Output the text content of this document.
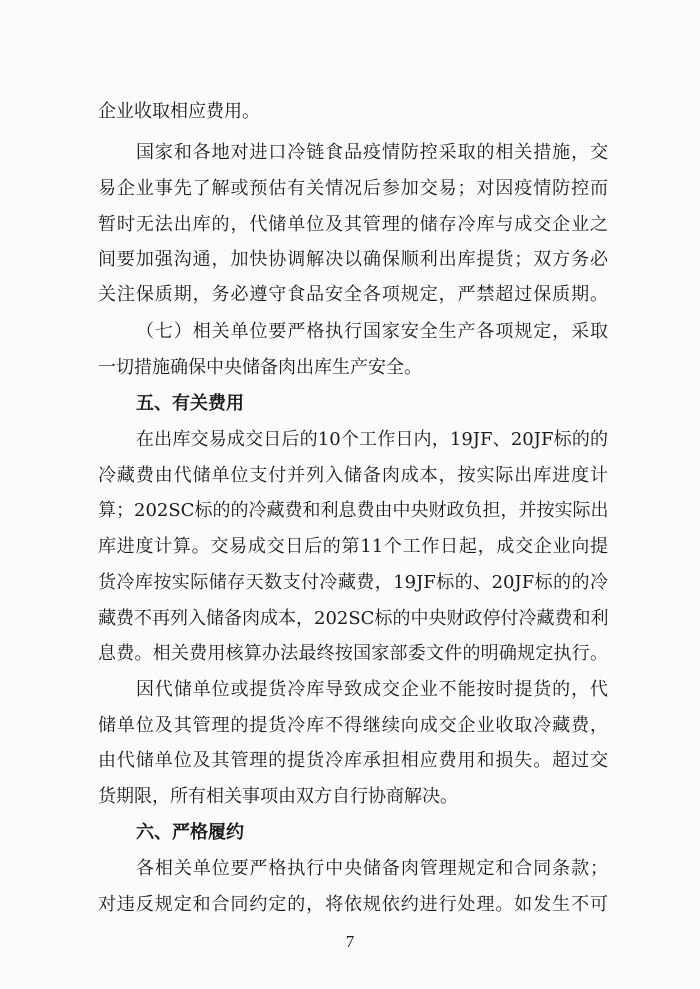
企业收取相应费用。
国家和各地对进口冷链食品疫情防控采取的相关措施，交
易企业事先了解或预估有关情况后参加交易；对因疫情防控而
暂时无法出库的，代储单位及其管理的储存冷库与成交企业之
间要加强沟通，加快协调解决以确保顺利出库提货；双方务必
关注保质期，务必遵守食品安全各项规定，严禁超过保质期。
（七）相关单位要严格执行国家安全生产各项规定，采取
一切措施确保中央储备肉出库生产安全。
五、有关费用
在出库交易成交日后的10个工作日内，19JF、20JF标的的
冷藏费由代储单位支付并列入储备肉成本，按实际出库进度计
算；202SC标的的冷藏费和利息费由中央财政负担，并按实际出
库进度计算。交易成交日后的第11个工作日起，成交企业向提
货冷库按实际储存天数支付冷藏费，19JF标的、20JF标的的冷
藏费不再列入储备肉成本，202SC标的中央财政停付冷藏费和利
息费。相关费用核算办法最终按国家部委文件的明确规定执行。
因代储单位或提货冷库导致成交企业不能按时提货的，代
储单位及其管理的提货冷库不得继续向成交企业收取冷藏费，
由代储单位及其管理的提货冷库承担相应费用和损失。超过交
货期限，所有相关事项由双方自行协商解决。
六、严格履约
各相关单位要严格执行中央储备肉管理规定和合同条款；
对违反规定和合同约定的，将依规依约进行处理。如发生不可
7
